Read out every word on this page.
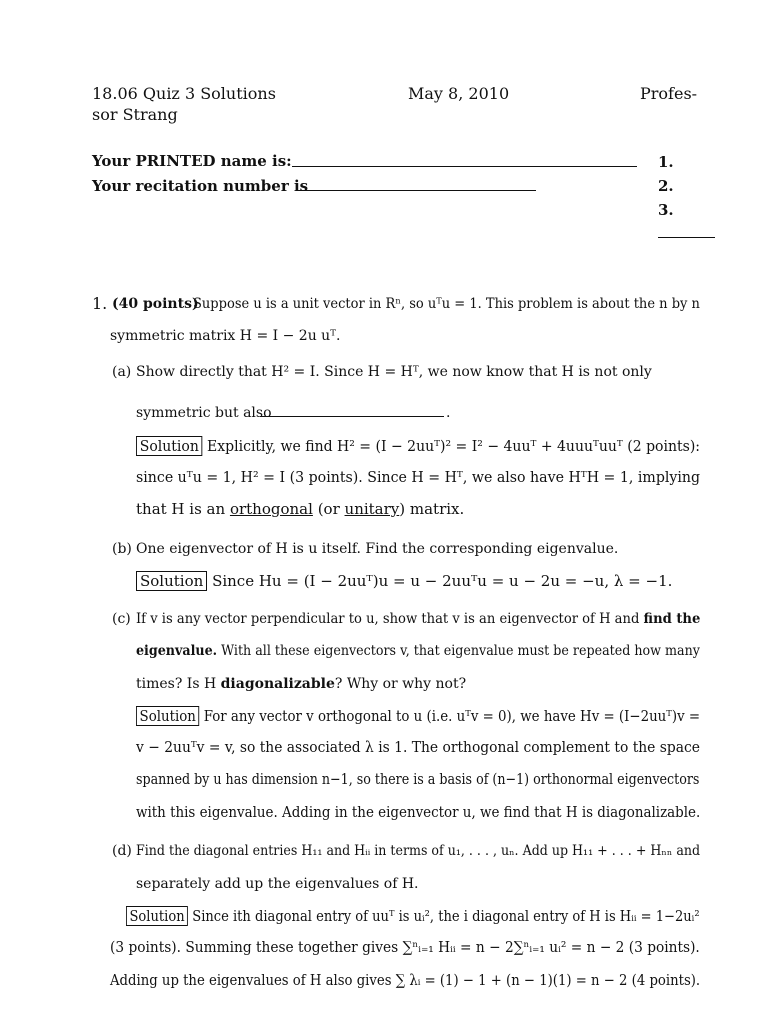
18.06 Quiz 3 Solutions	May 8, 2010	Profes-
sor Strang
Your PRINTED name is:
Your recitation number is
1.
2.
3.
1. (40 points)
Suppose u is a unit vector in Rⁿ, so uᵀu = 1. This problem is about the n by n
symmetric matrix H = I − 2u uᵀ.
(a) Show directly that H² = I. Since H = Hᵀ, we now know that H is not only
symmetric but also	.
Solution Explicitly, we find H² = (I − 2uuᵀ)² = I² − 4uuᵀ + 4uuuᵀuuᵀ (2 points):
since uᵀu = 1, H² = I (3 points). Since H = Hᵀ, we also have HᵀH = 1, implying
that H is an orthogonal (or unitary) matrix.
(b) One eigenvector of H is u itself. Find the corresponding eigenvalue.
Solution Since Hu = (I − 2uuᵀ)u = u − 2uuᵀu = u − 2u = −u, λ = −1.
(c) If v is any vector perpendicular to u, show that v is an eigenvector of H and find the
eigenvalue. With all these eigenvectors v, that eigenvalue must be repeated how many
times? Is H diagonalizable? Why or why not?
Solution For any vector v orthogonal to u (i.e. uᵀv = 0), we have Hv = (I−2uuᵀ)v =
v − 2uuᵀv = v, so the associated λ is 1. The orthogonal complement to the space
spanned by u has dimension n−1, so there is a basis of (n−1) orthonormal eigenvectors
with this eigenvalue. Adding in the eigenvector u, we find that H is diagonalizable.
(d) Find the diagonal entries H₁₁ and Hᵢᵢ in terms of u₁, . . . , uₙ. Add up H₁₁ + . . . + Hₙₙ and
separately add up the eigenvalues of H.
Solution Since ith diagonal entry of uuᵀ is uᵢ², the i diagonal entry of H is Hᵢᵢ = 1−2uᵢ²
(3 points). Summing these together gives ∑ⁿᵢ₌₁ Hᵢᵢ = n − 2∑ⁿᵢ₌₁ uᵢ² = n − 2 (3 points).
Adding up the eigenvalues of H also gives ∑ λᵢ = (1) − 1 + (n − 1)(1) = n − 2 (4 points).
